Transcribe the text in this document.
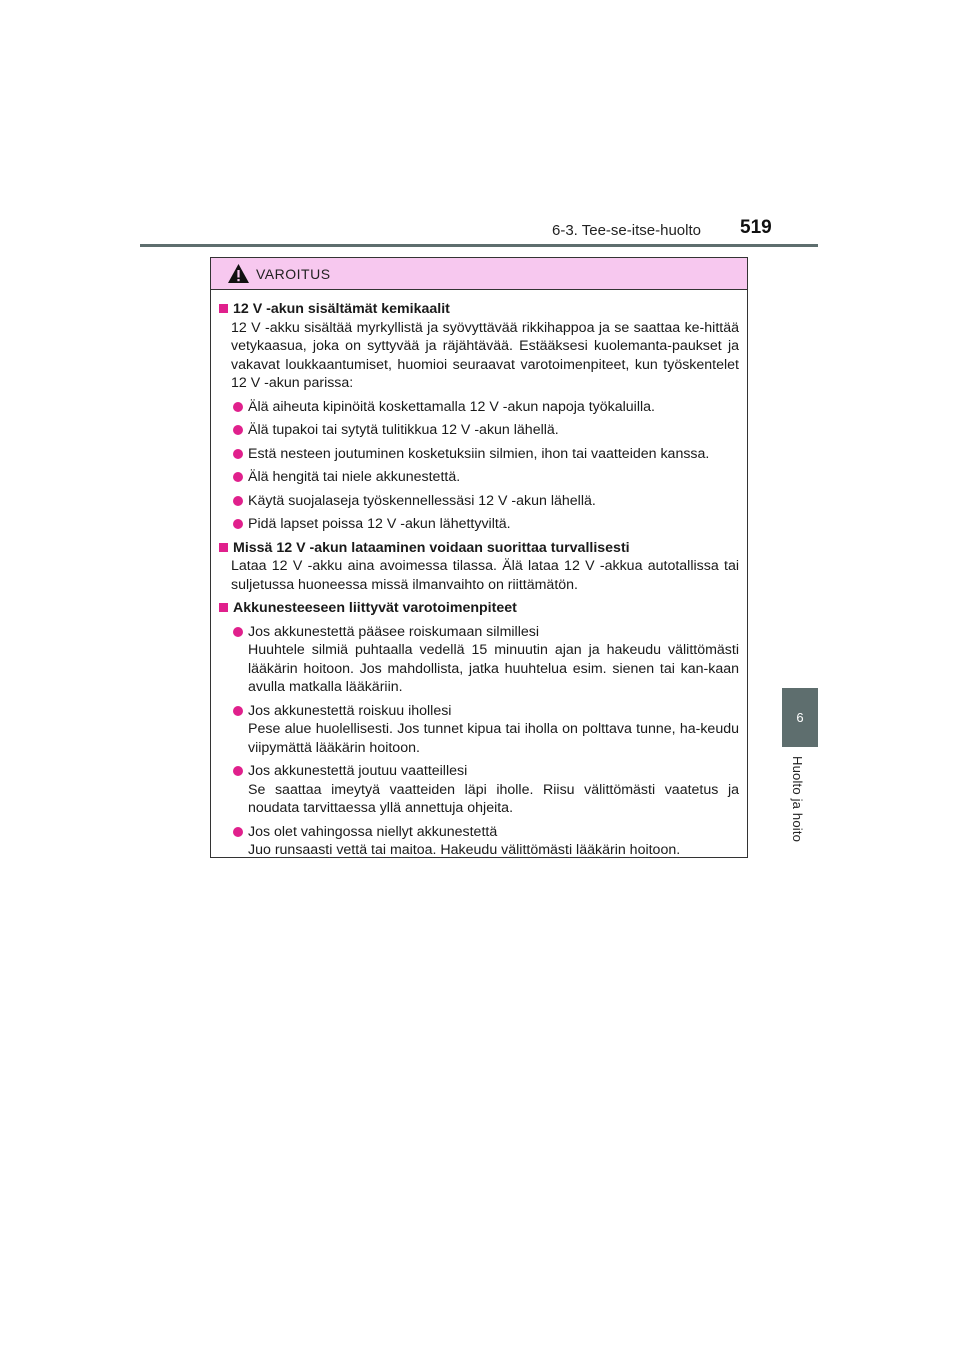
6-3. Tee-se-itse-huolto 519
6
Huolto ja hoito
VAROITUS
12 V -akun sisältämät kemikaalit

12 V -akku sisältää myrkyllistä ja syövyttävää rikkihappoa ja se saattaa ke-hittää vetykaasua, joka on syttyvää ja räjähtävää. Estääksesi kuolemanta-paukset ja vakavat loukkaantumiset, huomioi seuraavat varotoimenpiteet, kun työskentelet 12 V -akun parissa:

Älä aiheuta kipinöitä koskettamalla 12 V -akun napoja työkaluilla.
Älä tupakoi tai sytytä tulitikkua 12 V -akun lähellä.
Estä nesteen joutuminen kosketuksiin silmien, ihon tai vaatteiden kanssa.
Älä hengitä tai niele akkunestettä.
Käytä suojalaseja työskennellessäsi 12 V -akun lähellä.
Pidä lapset poissa 12 V -akun lähettyviltä.
Missä 12 V -akun lataaminen voidaan suorittaa turvallisesti

Lataa 12 V -akku aina avoimessa tilassa. Älä lataa 12 V -akkua autotallissa tai suljetussa huoneessa missä ilmanvaihto on riittämätön.

Akkunesteeseen liittyvät varotoimenpiteet
Jos akkunestettä pääsee roiskumaan silmillesi
Huuhtele silmiä puhtaalla vedellä 15 minuutin ajan ja hakeudu välittömästi lääkärin hoitoon. Jos mahdollista, jatka huuhtelua esim. sienen tai kan-kaan avulla matkalla lääkäriin.
Jos akkunestettä roiskuu ihollesi
Pese alue huolellisesti. Jos tunnet kipua tai iholla on polttava tunne, ha-keudu viipymättä lääkärin hoitoon.
Jos akkunestettä joutuu vaatteillesi
Se saattaa imeytyä vaatteiden läpi iholle. Riisu välittömästi vaatetus ja noudata tarvittaessa yllä annettuja ohjeita.
Jos olet vahingossa niellyt akkunestettä
Juo runsaasti vettä tai maitoa. Hakeudu välittömästi lääkärin hoitoon.
